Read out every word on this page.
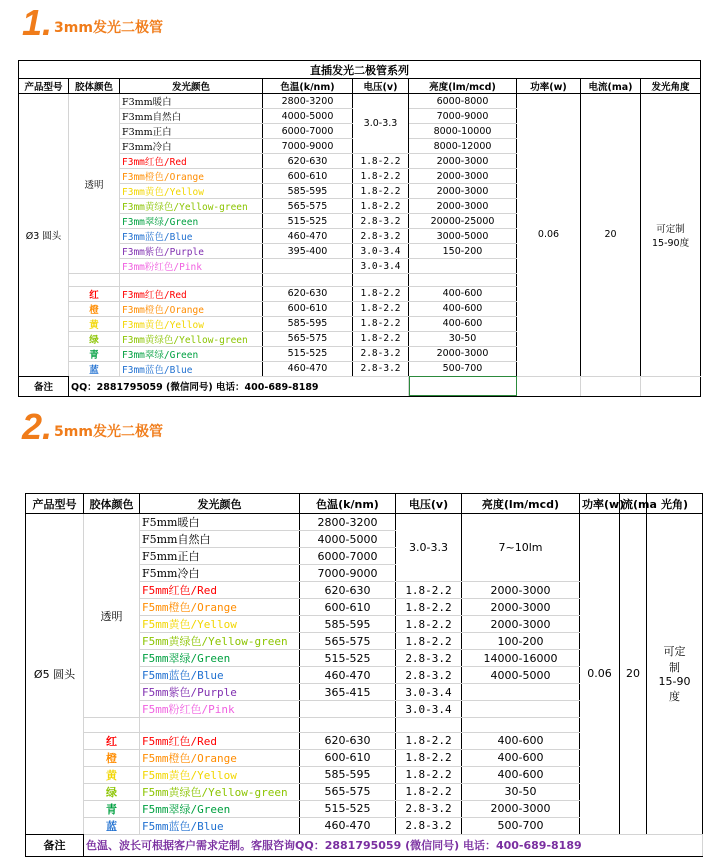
1. 3mm发光二极管
直插发光二极管系列								
产品型号	胶体颜色	发光颜色	色温(k/nm)	电压(v)	亮度(lm/mcd)	功率(w)	电流(ma)	发光角度
Ø3 圆头	透明	F3mm暖白	2800-3200	3.0-3.3	6000-8000	0.06	20	可定制
15-90度

		F3mm自然白	4000-5000		7000-9000			
		F3mm正白	6000-7000		8000-10000			
		F3mm冷白	7000-9000		8000-12000			
		F3mm红色/Red	620-630	1.8-2.2	2000-3000			
		F3mm橙色/Orange	600-610	1.8-2.2	2000-3000			
		F3mm黄色/Yellow	585-595	1.8-2.2	2000-3000			
		F3mm黄绿色/Yellow-green	565-575	1.8-2.2	2000-3000			
		F3mm翠绿/Green	515-525	2.8-3.2	20000-25000			
		F3mm蓝色/Blue	460-470	2.8-3.2	3000-5000			
		F3mm紫色/Purple	395-400	3.0-3.4	150-200			
		F3mm粉红色/Pink		3.0-3.4				

	红	F3mm红色/Red	620-630	1.8-2.2	400-600			
	橙	F3mm橙色/Orange	600-610	1.8-2.2	400-600			
	黄	F3mm黄色/Yellow	585-595	1.8-2.2	400-600			
	绿	F3mm黄绿色/Yellow-green	565-575	1.8-2.2	30-50			
	青	F3mm翠绿/Green	515-525	2.8-3.2	2000-3000			
	蓝	F3mm蓝色/Blue	460-470	2.8-3.2	500-700			
备注	QQ：2881795059 (微信同号) 电话：400-689-8189							
2. 5mm发光二极管
产品型号	胶体颜色	发光颜色	色温(k/nm)	电压(v)	亮度(lm/mcd)	功率(w)	流(ma	光角)
Ø5 圆头	透明	F5mm暖白	2800-3200	3.0-3.3	7~10lm	0.06	20	可定
制
15-90
度

		F5mm自然白	4000-5000					
		F5mm正白	6000-7000					
		F5mm冷白	7000-9000					
		F5mm红色/Red	620-630	1.8-2.2	2000-3000			
		F5mm橙色/Orange	600-610	1.8-2.2	2000-3000			
		F5mm黄色/Yellow	585-595	1.8-2.2	2000-3000			
		F5mm黄绿色/Yellow-green	565-575	1.8-2.2	100-200			
		F5mm翠绿/Green	515-525	2.8-3.2	14000-16000			
		F5mm蓝色/Blue	460-470	2.8-3.2	4000-5000			
		F5mm紫色/Purple	365-415	3.0-3.4				
		F5mm粉红色/Pink		3.0-3.4				

	红	F5mm红色/Red	620-630	1.8-2.2	400-600			
	橙	F5mm橙色/Orange	600-610	1.8-2.2	400-600			
	黄	F5mm黄色/Yellow	585-595	1.8-2.2	400-600			
	绿	F5mm黄绿色/Yellow-green	565-575	1.8-2.2	30-50			
	青	F5mm翠绿/Green	515-525	2.8-3.2	2000-3000			
	蓝	F5mm蓝色/Blue	460-470	2.8-3.2	500-700			
备注	色温、波长可根据客户需求定制。客服咨询QQ：2881795059 (微信同号) 电话：400-689-8189							
